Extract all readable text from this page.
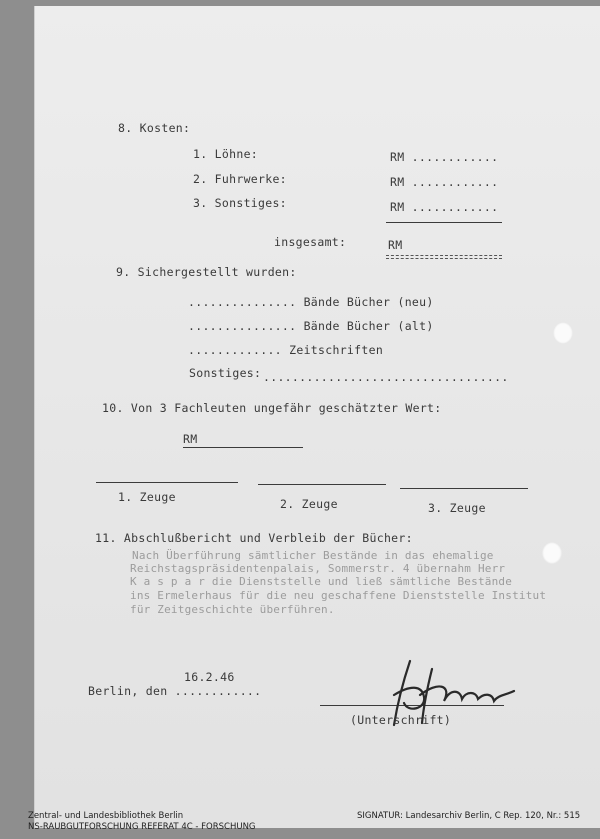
8. Kosten:
1. Löhne:	RM ............
2. Fuhrwerke:	RM ............
3. Sonstiges:	RM ............
insgesamt:	RM
9. Sichergestellt wurden:
............... Bände Bücher (neu)
............... Bände Bücher (alt)
............. Zeitschriften
Sonstiges: ..................................
10. Von 3 Fachleuten ungefähr geschätzter Wert:
RM
1. Zeuge	2. Zeuge	3. Zeuge
11. Abschlußbericht und Verbleib der Bücher:
Nach Überführung sämtlicher Bestände in das ehemalige
Reichstagspräsidentenpalais, Sommerstr. 4 übernahm Herr
K a s p a r die Dienststelle und ließ sämtliche Bestände
ins Ermelerhaus für die neu geschaffene Dienststelle Institut
für Zeitgeschichte überführen.
16.2.46
Berlin, den ............
(Unterschrift)
Zentral- und Landesbibliothek Berlin
NS-RAUBGUTFORSCHUNG REFERAT 4C - FORSCHUNG
SIGNATUR: Landesarchiv Berlin, C Rep. 120, Nr.: 515
